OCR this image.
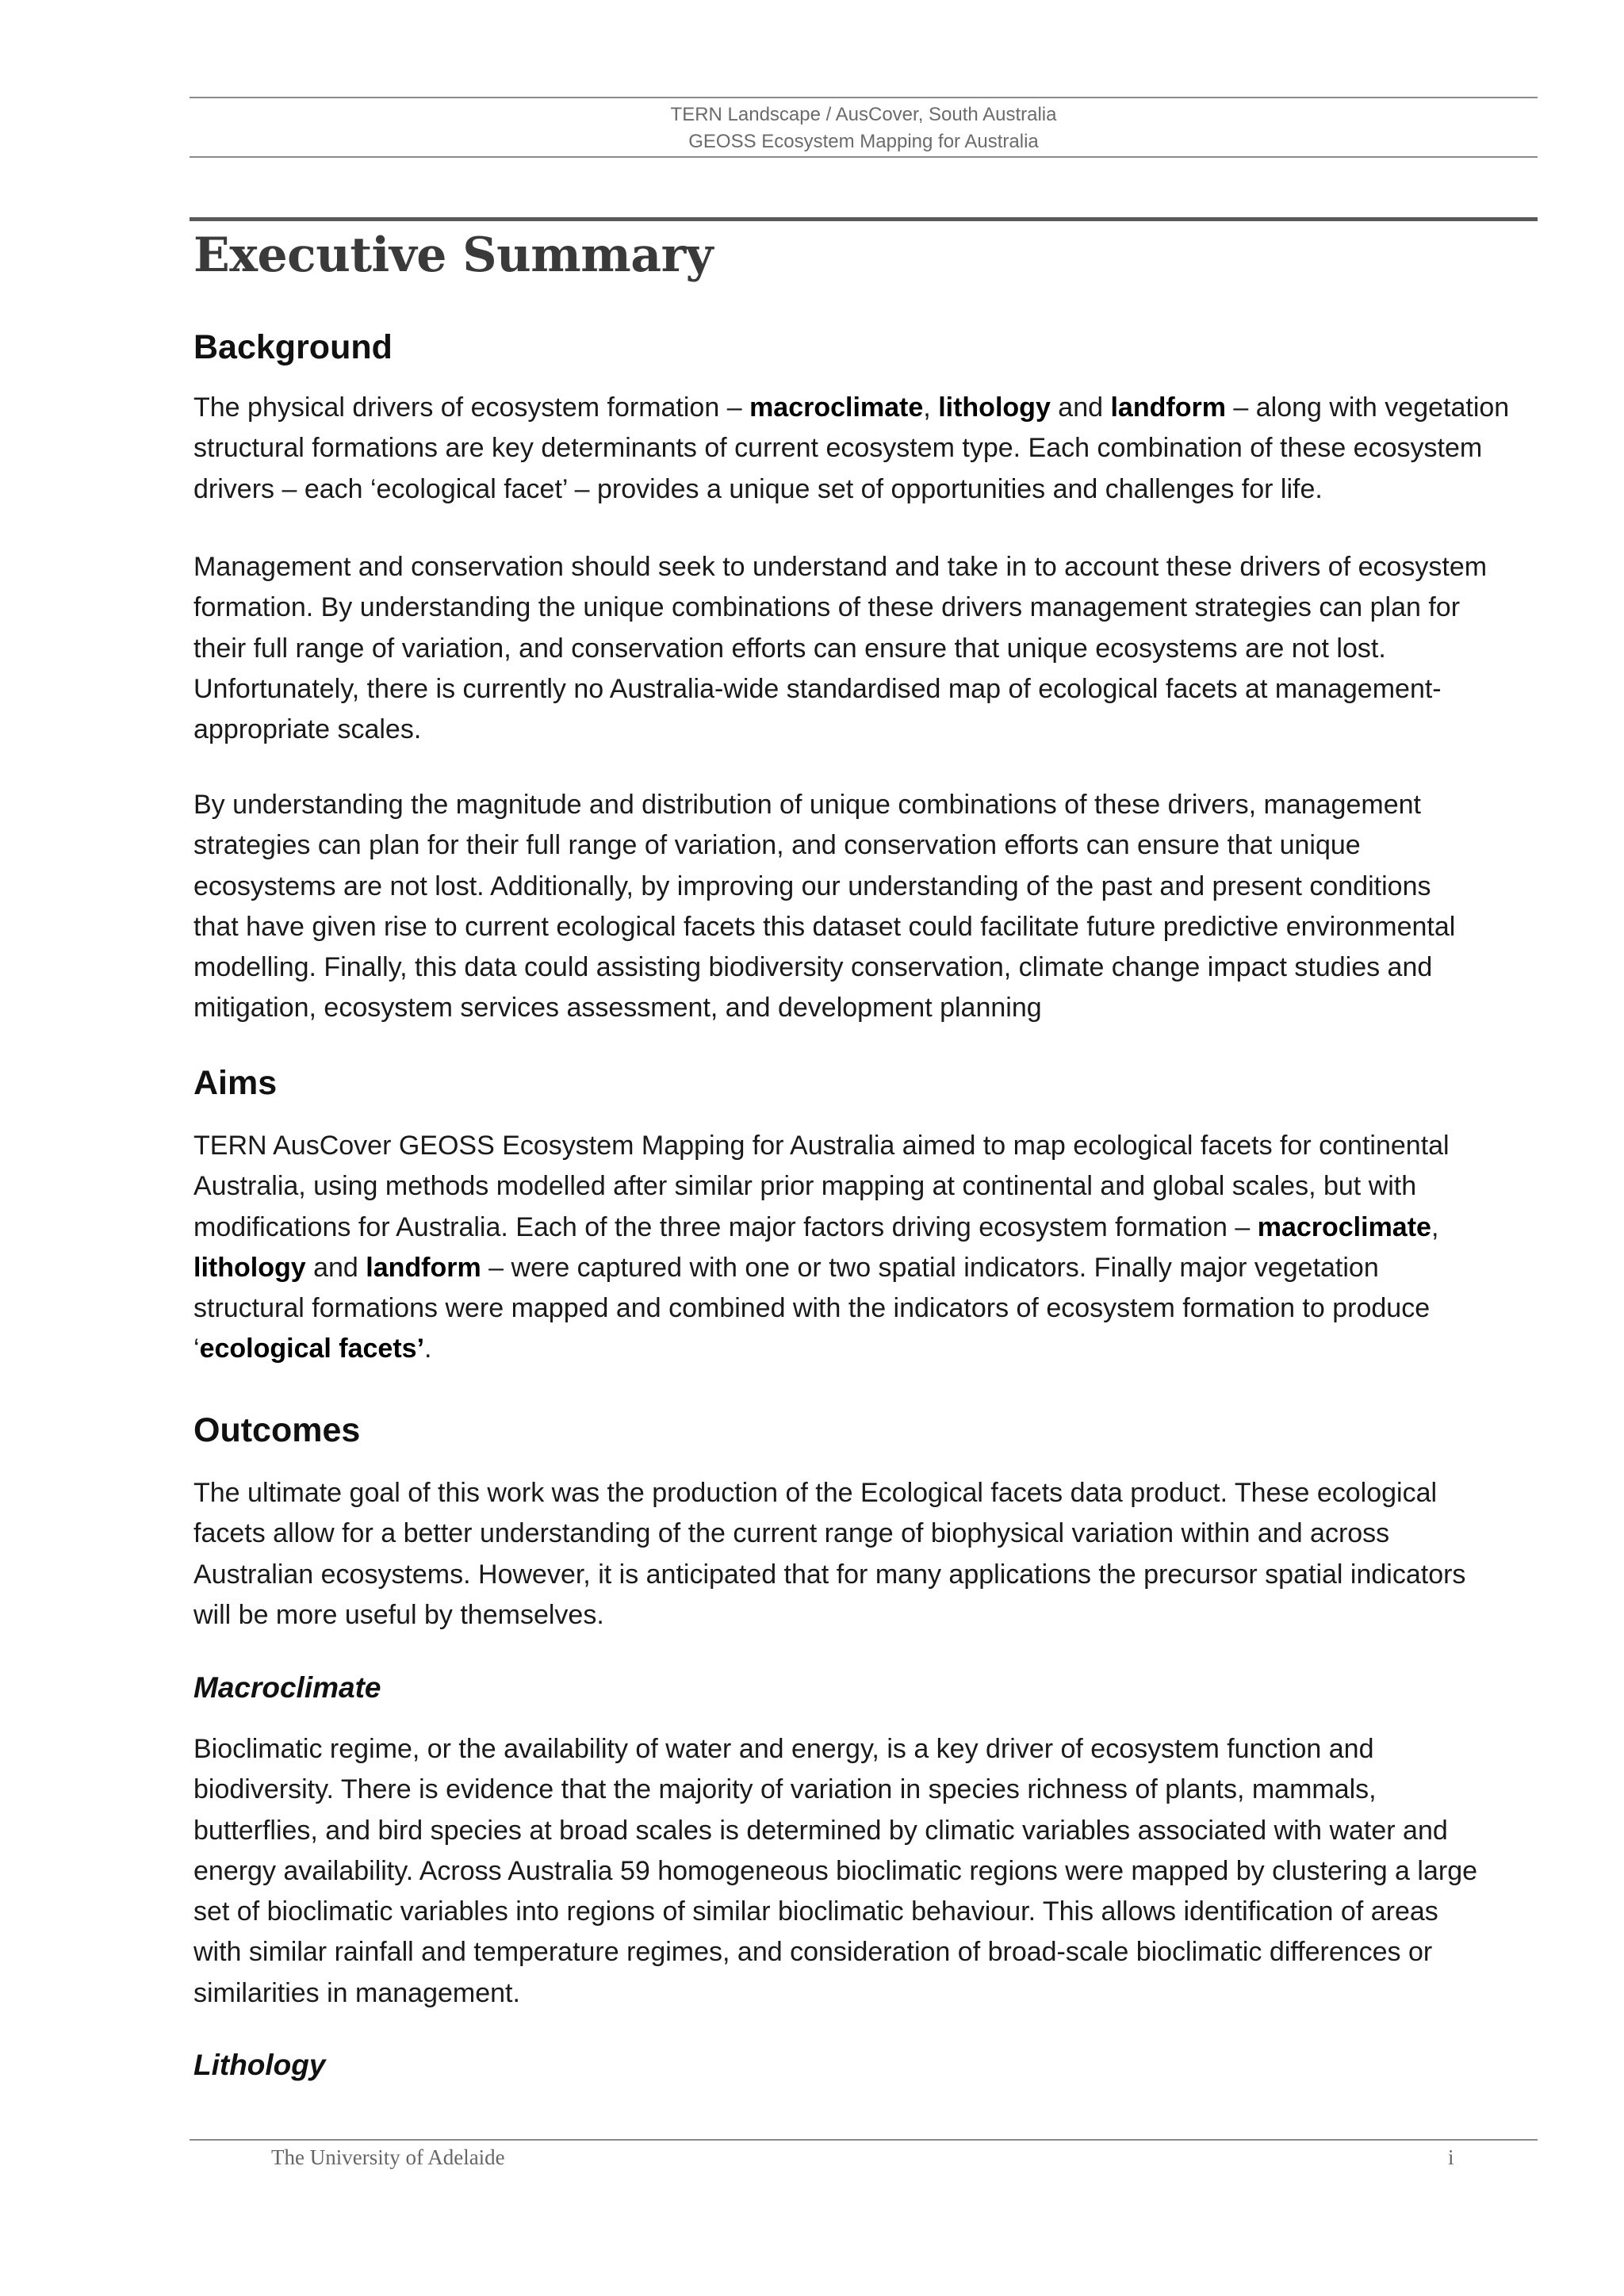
TERN Landscape / AusCover, South Australia
GEOSS Ecosystem Mapping for Australia
Executive Summary
Background

The physical drivers of ecosystem formation – macroclimate, lithology and landform – along with vegetation
structural formations are key determinants of current ecosystem type. Each combination of these ecosystem
drivers – each ‘ecological facet’ – provides a unique set of opportunities and challenges for life.

Management and conservation should seek to understand and take in to account these drivers of ecosystem
formation. By understanding the unique combinations of these drivers management strategies can plan for
their full range of variation, and conservation efforts can ensure that unique ecosystems are not lost.
Unfortunately, there is currently no Australia-wide standardised map of ecological facets at management-
appropriate scales.

By understanding the magnitude and distribution of unique combinations of these drivers, management
strategies can plan for their full range of variation, and conservation efforts can ensure that unique
ecosystems are not lost. Additionally, by improving our understanding of the past and present conditions
that have given rise to current ecological facets this dataset could facilitate future predictive environmental
modelling. Finally, this data could assisting biodiversity conservation, climate change impact studies and
mitigation, ecosystem services assessment, and development planning

Aims

TERN AusCover GEOSS Ecosystem Mapping for Australia aimed to map ecological facets for continental
Australia, using methods modelled after similar prior mapping at continental and global scales, but with
modifications for Australia. Each of the three major factors driving ecosystem formation – macroclimate,
lithology and landform – were captured with one or two spatial indicators. Finally major vegetation
structural formations were mapped and combined with the indicators of ecosystem formation to produce
‘ecological facets’.

Outcomes

The ultimate goal of this work was the production of the Ecological facets data product. These ecological
facets allow for a better understanding of the current range of biophysical variation within and across
Australian ecosystems. However, it is anticipated that for many applications the precursor spatial indicators
will be more useful by themselves.

Macroclimate

Bioclimatic regime, or the availability of water and energy, is a key driver of ecosystem function and
biodiversity. There is evidence that the majority of variation in species richness of plants, mammals,
butterflies, and bird species at broad scales is determined by climatic variables associated with water and
energy availability. Across Australia 59 homogeneous bioclimatic regions were mapped by clustering a large
set of bioclimatic variables into regions of similar bioclimatic behaviour. This allows identification of areas
with similar rainfall and temperature regimes, and consideration of broad-scale bioclimatic differences or
similarities in management.

Lithology
The University of Adelaide	i
